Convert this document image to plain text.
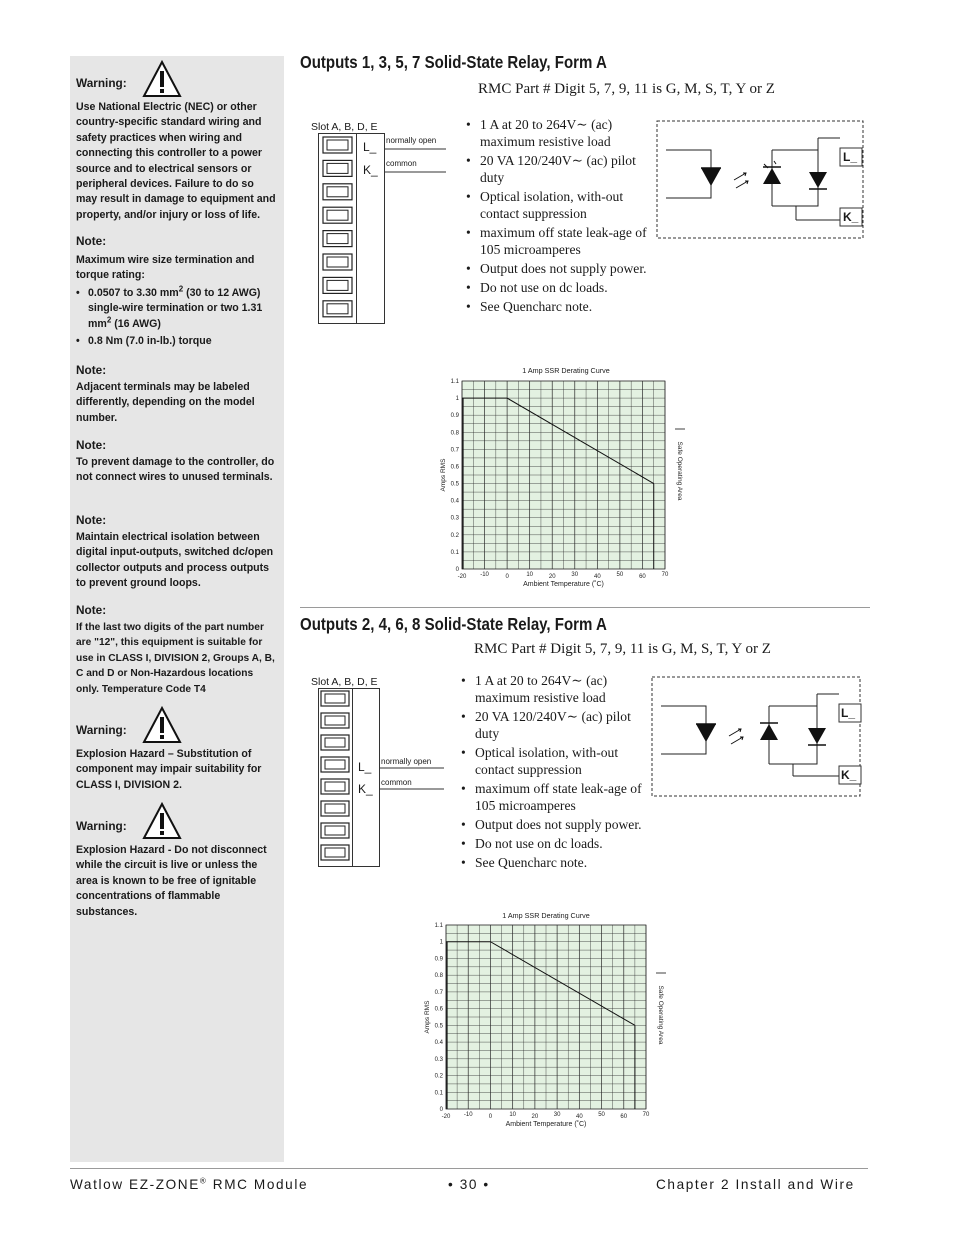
Warning:
Use National Electric (NEC) or other country-specific standard wiring and safety practices when wiring and connecting this controller to a power source and to electrical sensors or peripheral devices. Failure to do so may result in damage to equipment and property, and/or injury or loss of life.
Note:
Maximum wire size termination and torque rating:
• 0.0507 to 3.30 $mm^2$ (30 to 12 AWG) single-wire termination or two 1.31 $mm^2$ (16 AWG)
• 0.8 Nm (7.0 in-lb.) torque
Note:
Adjacent terminals may be labeled differently, depending on the model number.
Note:
To prevent damage to the controller, do not connect wires to unused terminals.
Note:
Maintain electrical isolation between digital input-outputs, switched dc/open collector outputs and process outputs to prevent ground loops.
Note:
If the last two digits of the part number are "12", this equipment is suitable for use in CLASS I, DIVISION 2, Groups A, B, C and D or Non-Hazardous locations only. Temperature Code T4
Warning:
Explosion Hazard – Substitution of component may impair suitability for CLASS I, DIVISION 2.
Warning:
Explosion Hazard - Do not disconnect while the circuit is live or unless the area is known to be free of ignitable concentrations of flammable substances.
Outputs 1, 3, 5, 7 Solid-State Relay, Form A
RMC Part # Digit 5, 7, 9, 11 is G, M, S, T, Y or Z
Slot A, B, D, E
L_
K_
normally open
common
• 1 A at 20 to 264V∼ (ac) maximum resistive load
• 20 VA 120/240V∼ (ac) pilot duty
• Optical isolation, with-out contact suppression
• maximum off state leak-age of 105 microamperes
• Output does not supply power.
• Do not use on dc loads.
• See Quencharc note.
L_
K_
1 Amp SSR Derating Curve
0
0.1
0.2
0.3
0.4
0.5
0.6
0.7
0.8
0.9
1
1.1
-20 -10	0	10	20	30	40	50	60	70
Ambient Temperature (˚C)
Amps RMS	Safe Operating Area
Outputs 2, 4, 6, 8 Solid-State Relay, Form A
RMC Part # Digit 5, 7, 9, 11 is G, M, S, T, Y or Z
Slot A, B, D, E
L_
K_
normally open
common
• 1 A at 20 to 264V∼ (ac) maximum resistive load
• 20 VA 120/240V∼ (ac) pilot duty
• Optical isolation, with-out contact suppression
• maximum off state leak-age of 105 microamperes
• Output does not supply power.
• Do not use on dc loads.
• See Quencharc note.
L_
K_
1 Amp SSR Derating Curve
0
0.1
0.2
0.3
0.4
0.5
0.6
0.7
0.8
0.9
1
1.1
-20 -10	0	10	20	30	40	50	60	70
Ambient Temperature (˚C)
Amps RMS	Safe Operating Area
Watlow EZ-ZONE® RMC Module	• 30 •	Chapter 2 Install and Wire
